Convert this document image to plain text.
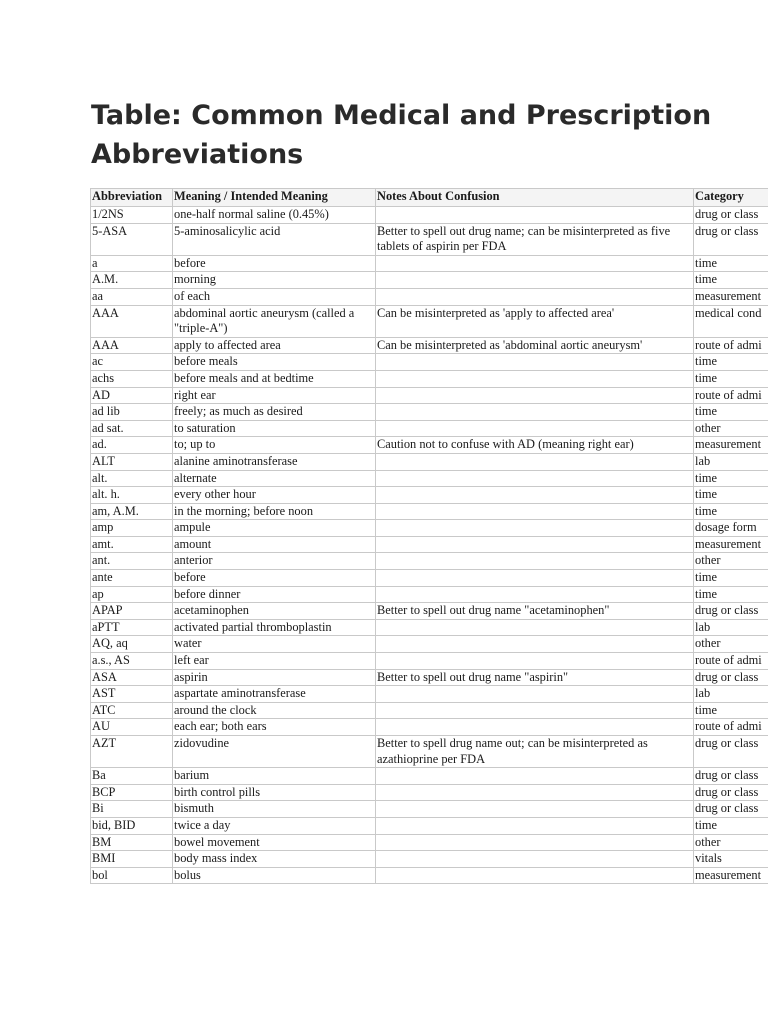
Table: Common Medical and Prescription Abbreviations
Abbreviation	Meaning / Intended Meaning	Notes About Confusion	Category
1/2NS	one-half normal saline (0.45%)		drug or class
5-ASA	5-aminosalicylic acid	Better to spell out drug name; can be misinterpreted as five tablets of aspirin per FDA	drug or class
a	before		time
A.M.	morning		time
aa	of each		measurement
AAA	abdominal aortic aneurysm (called a "triple-A")	Can be misinterpreted as 'apply to affected area'	medical cond
AAA	apply to affected area	Can be misinterpreted as 'abdominal aortic aneurysm'	route of admi
ac	before meals		time
achs	before meals and at bedtime		time
AD	right ear		route of admi
ad lib	freely; as much as desired		time
ad sat.	to saturation		other
ad.	to; up to	Caution not to confuse with AD (meaning right ear)	measurement
ALT	alanine aminotransferase		lab
alt.	alternate		time
alt. h.	every other hour		time
am, A.M.	in the morning; before noon		time
amp	ampule		dosage form
amt.	amount		measurement
ant.	anterior		other
ante	before		time
ap	before dinner		time
APAP	acetaminophen	Better to spell out drug name "acetaminophen"	drug or class
aPTT	activated partial thromboplastin		lab
AQ, aq	water		other
a.s., AS	left ear		route of admi
ASA	aspirin	Better to spell out drug name "aspirin"	drug or class
AST	aspartate aminotransferase		lab
ATC	around the clock		time
AU	each ear; both ears		route of admi
AZT	zidovudine	Better to spell drug name out; can be misinterpreted as azathioprine per FDA	drug or class
Ba	barium		drug or class
BCP	birth control pills		drug or class
Bi	bismuth		drug or class
bid, BID	twice a day		time
BM	bowel movement		other
BMI	body mass index		vitals
bol	bolus		measurement
